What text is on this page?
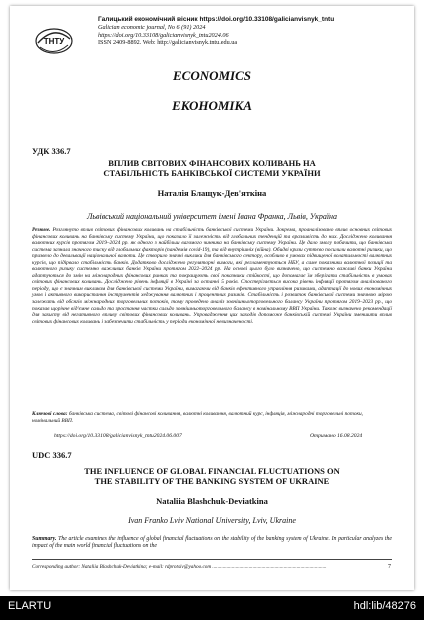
ТНТУ
Галицький економічний вісник https://doi.org/10.33108/galicianvisnyk_tntu
Galician economic journal, No 6 (91) 2024
https://doi.org/10.33108/galicianvisnyk_tntu2024.06
ISSN 2409-8892. Web: http://galicianvisnyk.tntu.edu.ua
ECONOMICS
ЕКОНОМІКА
УДК 336.7
ВПЛИВ СВІТОВИХ ФІНАНСОВИХ КОЛИВАНЬ НА
СТАБІЛЬНІСТЬ БАНКІВСЬКОЇ СИСТЕМИ УКРАЇНИ
Наталія Блащук-Дев'яткіна
Львівський національний університет імені Івана Франка, Львів, Україна
Резюме. Розглянуто вплив світових фінансових коливань на стабільність банківської системи України. Зокрема, проаналізовано вплив основних світових фінансових коливань на банківську систему України, що показало її залежність від глобальних тенденцій та вразливість до них. Досліджено коливання валютних курсів протягом 2019–2024 рр. як одного з найбільш вагомого чинника на банківську систему України. Це дало змогу побачити, що банківська система зазнала значного тиску від глобальних факторів (пандемія covid-19), та від внутрішніх (війна). Обидві кризи суттєво посилили валютні ризики, що призвело до девальвації національної валюти. Це створило значні виклики для банківського сектору, особливо в умовах підвищеної волатильності валютних курсів, що підірвало стабільність банків. Додатково досліджено регуляторні вимоги, які регламентуються НБУ, а саме показники валютної позиції та валютного ризику системно важливих банків України протягом 2022–2024 рр. На основі цього було визначено, що системно важливі банки України адаптуються до змін на міжнародних фінансових ринках та покращують свої показники стійкості, що допомагає їм зберігати стабільність в умовах світових фінансових коливань. Досліджено рівень інфляції в Україні за останні 5 років. Спостерігається висока рівень інфляції протягом аналізованого періоду, що є значним викликом для банківської системи України, вимагаючи від банків ефективного управління ризиками, адаптації до нових економічних умов і активного використання інструментів хеджування валютних і процентних ризиків. Стабільність і розвиток банківської системи значною мірою залежать від обсягів міжнародних торговельних потоків, тому проведено аналіз зовнішньоторговельного балансу України протягом 2019–2023 рр., що показав щорічне від'ємне сальдо та зростання частки сальдо зовнішньоторговельного балансу в номінальному ВВП України. Також визначено рекомендації для захисту від негативного впливу світових фінансових коливань. Упровадження цих заходів допоможе банківській системі України зменшити вплив світових фінансових коливань і забезпечити стабільність у періоди економічної невизначеності.
Ключові слова: банківська система, світові фінансові коливання, валютні коливання, валютний курс, інфляція, міжнародні торговельні потоки, номінальний ВВП.
https://doi.org/10.33108/galicianvisnyk_tntu2024.06.007	Отримано 16.08.2024
UDC 336.7
THE INFLUENCE OF GLOBAL FINANCIAL FLUCTUATIONS ON
THE STABILITY OF THE BANKING SYSTEM OF UKRAINE
Nataliia Blashchuk-Deviatkina
Ivan Franko Lviv National University, Lviv, Ukraine
Summary. The article examines the influence of global financial fluctuations on the stability of the banking system of Ukraine. In particular analyzes the impact of the main world financial fluctuations on the
Corresponding author: Nataliia Blashchuk-Deviatkina; e-mail: rdprotsiv@yahoo.com ........................................................................................	7
ELARTU	hdl:lib/48276
